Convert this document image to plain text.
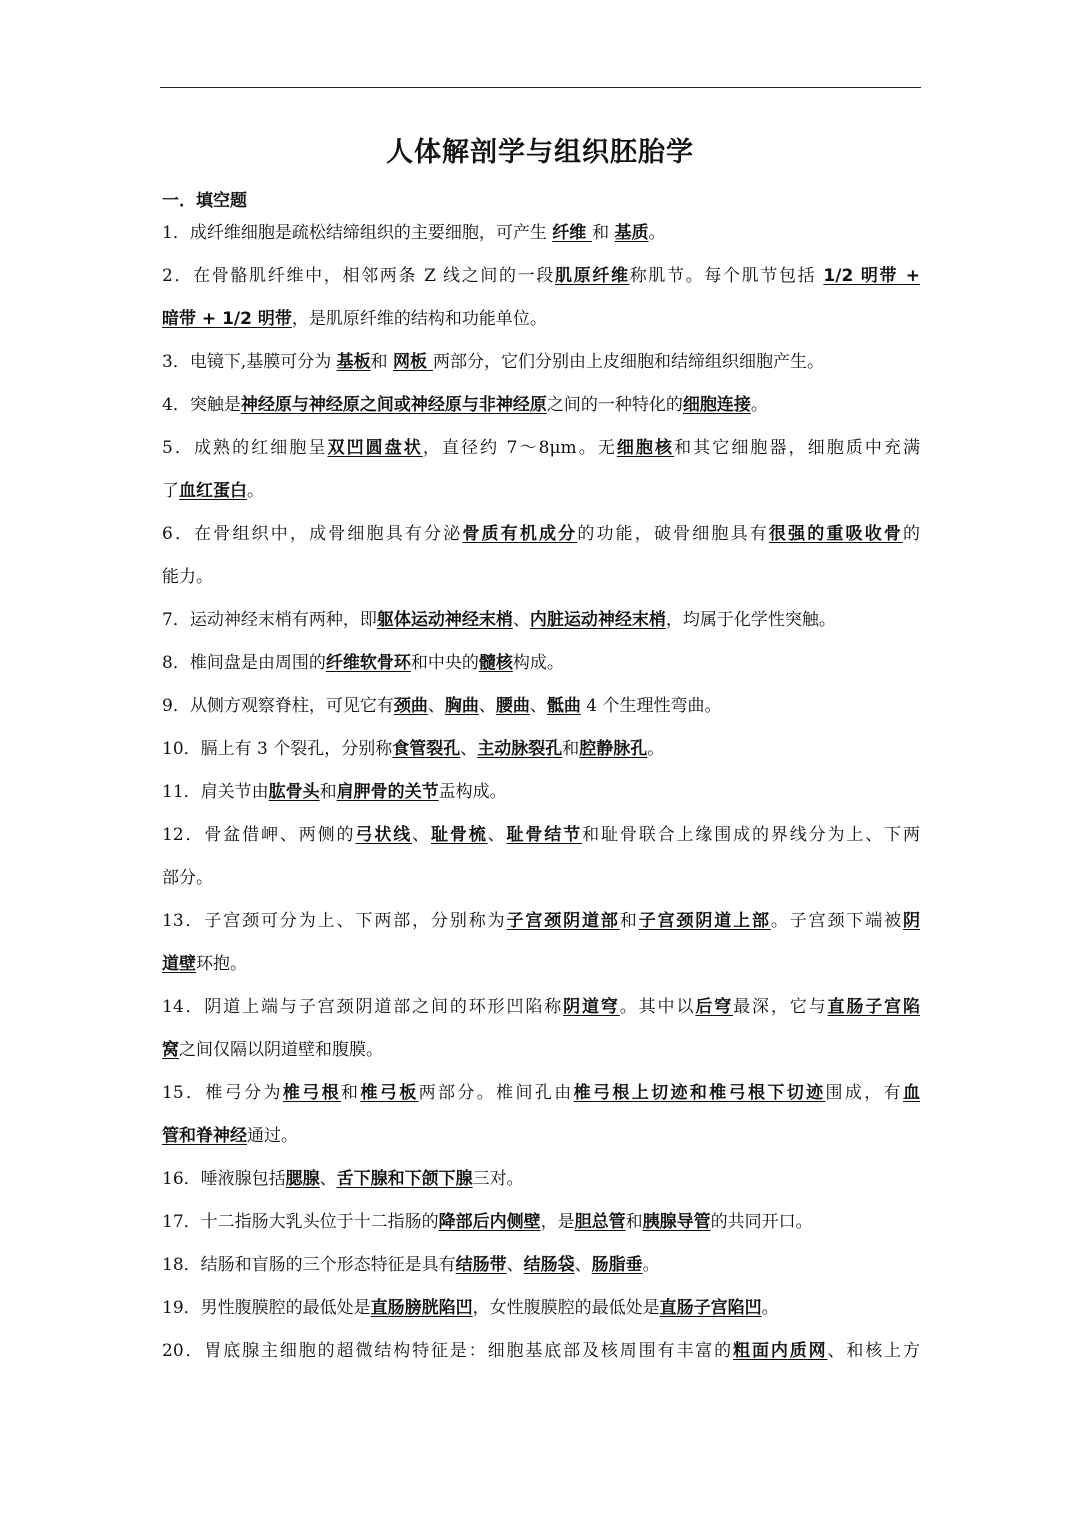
人体解剖学与组织胚胎学
一．填空题
1．成纤维细胞是疏松结缔组织的主要细胞，可产生 纤维 和 基质。
2．在骨骼肌纤维中，相邻两条 Z 线之间的一段肌原纤维称肌节。每个肌节包括 1/2 明带 +
暗带 + 1/2 明带，是肌原纤维的结构和功能单位。
3．电镜下,基膜可分为 基板和 网板 两部分，它们分别由上皮细胞和结缔组织细胞产生。
4．突触是神经原与神经原之间或神经原与非神经原之间的一种特化的细胞连接。
5．成熟的红细胞呈双凹圆盘状，直径约 7～8μm。无细胞核和其它细胞器，细胞质中充满
了血红蛋白。
6．在骨组织中，成骨细胞具有分泌骨质有机成分的功能，破骨细胞具有很强的重吸收骨的
能力。
7．运动神经末梢有两种，即躯体运动神经末梢、内脏运动神经末梢，均属于化学性突触。
8．椎间盘是由周围的纤维软骨环和中央的髓核构成。
9．从侧方观察脊柱，可见它有颈曲、胸曲、腰曲、骶曲 4 个生理性弯曲。
10．膈上有 3 个裂孔，分别称食管裂孔、主动脉裂孔和腔静脉孔。
11．肩关节由肱骨头和肩胛骨的关节盂构成。
12．骨盆借岬、两侧的弓状线、耻骨梳、耻骨结节和耻骨联合上缘围成的界线分为上、下两
部分。
13．子宫颈可分为上、下两部，分别称为子宫颈阴道部和子宫颈阴道上部。子宫颈下端被阴
道壁环抱。
14．阴道上端与子宫颈阴道部之间的环形凹陷称阴道穹。其中以后穹最深，它与直肠子宫陷
窝之间仅隔以阴道壁和腹膜。
15．椎弓分为椎弓根和椎弓板两部分。椎间孔由椎弓根上切迹和椎弓根下切迹围成，有血
管和脊神经通过。
16．唾液腺包括腮腺、舌下腺和下颌下腺三对。
17．十二指肠大乳头位于十二指肠的降部后内侧壁，是胆总管和胰腺导管的共同开口。
18．结肠和盲肠的三个形态特征是具有结肠带、结肠袋、肠脂垂。
19．男性腹膜腔的最低处是直肠膀胱陷凹，女性腹膜腔的最低处是直肠子宫陷凹。
20．胃底腺主细胞的超微结构特征是：细胞基底部及核周围有丰富的粗面内质网、和核上方
